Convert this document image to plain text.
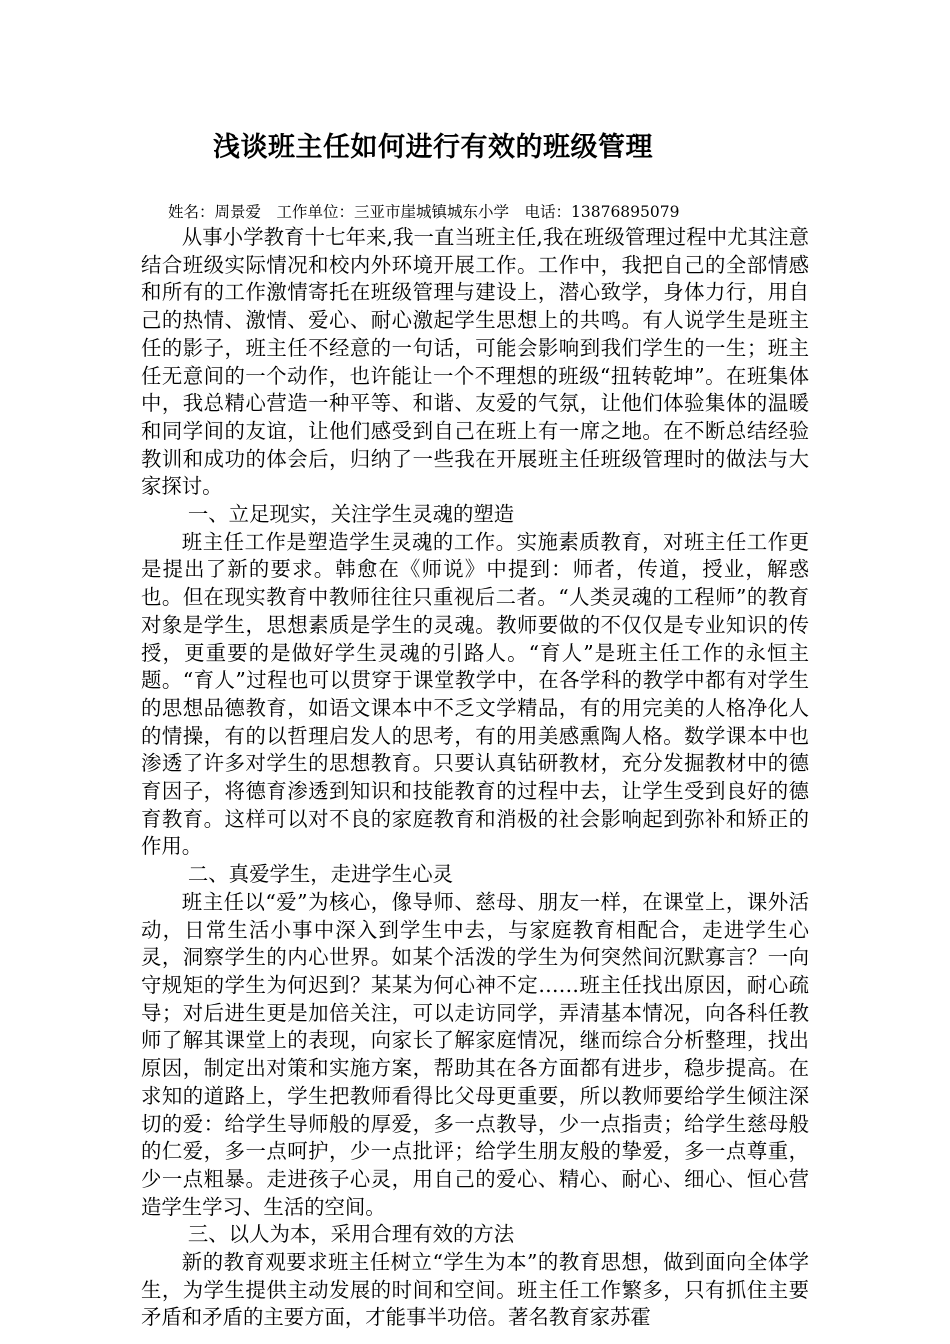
浅谈班主任如何进行有效的班级管理
姓名：周景爱　工作单位：三亚市崖城镇城东小学　电话：13876895079

从事小学教育十七年来,我一直当班主任,我在班级管理过程中尤其注意结合班级实际情况和校内外环境开展工作。工作中，我把自己的全部情感和所有的工作激情寄托在班级管理与建设上，潜心致学，身体力行，用自己的热情、激情、爱心、耐心激起学生思想上的共鸣。有人说学生是班主任的影子，班主任不经意的一句话，可能会影响到我们学生的一生；班主任无意间的一个动作，也许能让一个不理想的班级“扭转乾坤”。在班集体中，我总精心营造一种平等、和谐、友爱的气氛，让他们体验集体的温暖和同学间的友谊，让他们感受到自己在班上有一席之地。在不断总结经验教训和成功的体会后，归纳了一些我在开展班主任班级管理时的做法与大家探讨。

一、立足现实，关注学生灵魂的塑造

班主任工作是塑造学生灵魂的工作。实施素质教育，对班主任工作更是提出了新的要求。韩愈在《师说》中提到：师者，传道，授业，解惑也。但在现实教育中教师往往只重视后二者。“人类灵魂的工程师”的教育对象是学生，思想素质是学生的灵魂。教师要做的不仅仅是专业知识的传授，更重要的是做好学生灵魂的引路人。“育人”是班主任工作的永恒主题。“育人”过程也可以贯穿于课堂教学中，在各学科的教学中都有对学生的思想品德教育，如语文课本中不乏文学精品，有的用完美的人格净化人的情操，有的以哲理启发人的思考，有的用美感熏陶人格。数学课本中也渗透了许多对学生的思想教育。只要认真钻研教材，充分发掘教材中的德育因子，将德育渗透到知识和技能教育的过程中去，让学生受到良好的德育教育。这样可以对不良的家庭教育和消极的社会影响起到弥补和矫正的作用。

二、真爱学生，走进学生心灵

班主任以“爱”为核心，像导师、慈母、朋友一样，在课堂上，课外活动，日常生活小事中深入到学生中去，与家庭教育相配合，走进学生心灵，洞察学生的内心世界。如某个活泼的学生为何突然间沉默寡言？一向守规矩的学生为何迟到？某某为何心神不定……班主任找出原因，耐心疏导；对后进生更是加倍关注，可以走访同学，弄清基本情况，向各科任教师了解其课堂上的表现，向家长了解家庭情况，继而综合分析整理，找出原因，制定出对策和实施方案，帮助其在各方面都有进步，稳步提高。在求知的道路上，学生把教师看得比父母更重要，所以教师要给学生倾注深切的爱：给学生导师般的厚爱，多一点教导，少一点指责；给学生慈母般的仁爱，多一点呵护，少一点批评；给学生朋友般的挚爱，多一点尊重，少一点粗暴。走进孩子心灵，用自己的爱心、精心、耐心、细心、恒心营造学生学习、生活的空间。

三、以人为本，采用合理有效的方法

新的教育观要求班主任树立“学生为本”的教育思想，做到面向全体学生，为学生提供主动发展的时间和空间。班主任工作繁多，只有抓住主要矛盾和矛盾的主要方面，才能事半功倍。著名教育家苏霍
